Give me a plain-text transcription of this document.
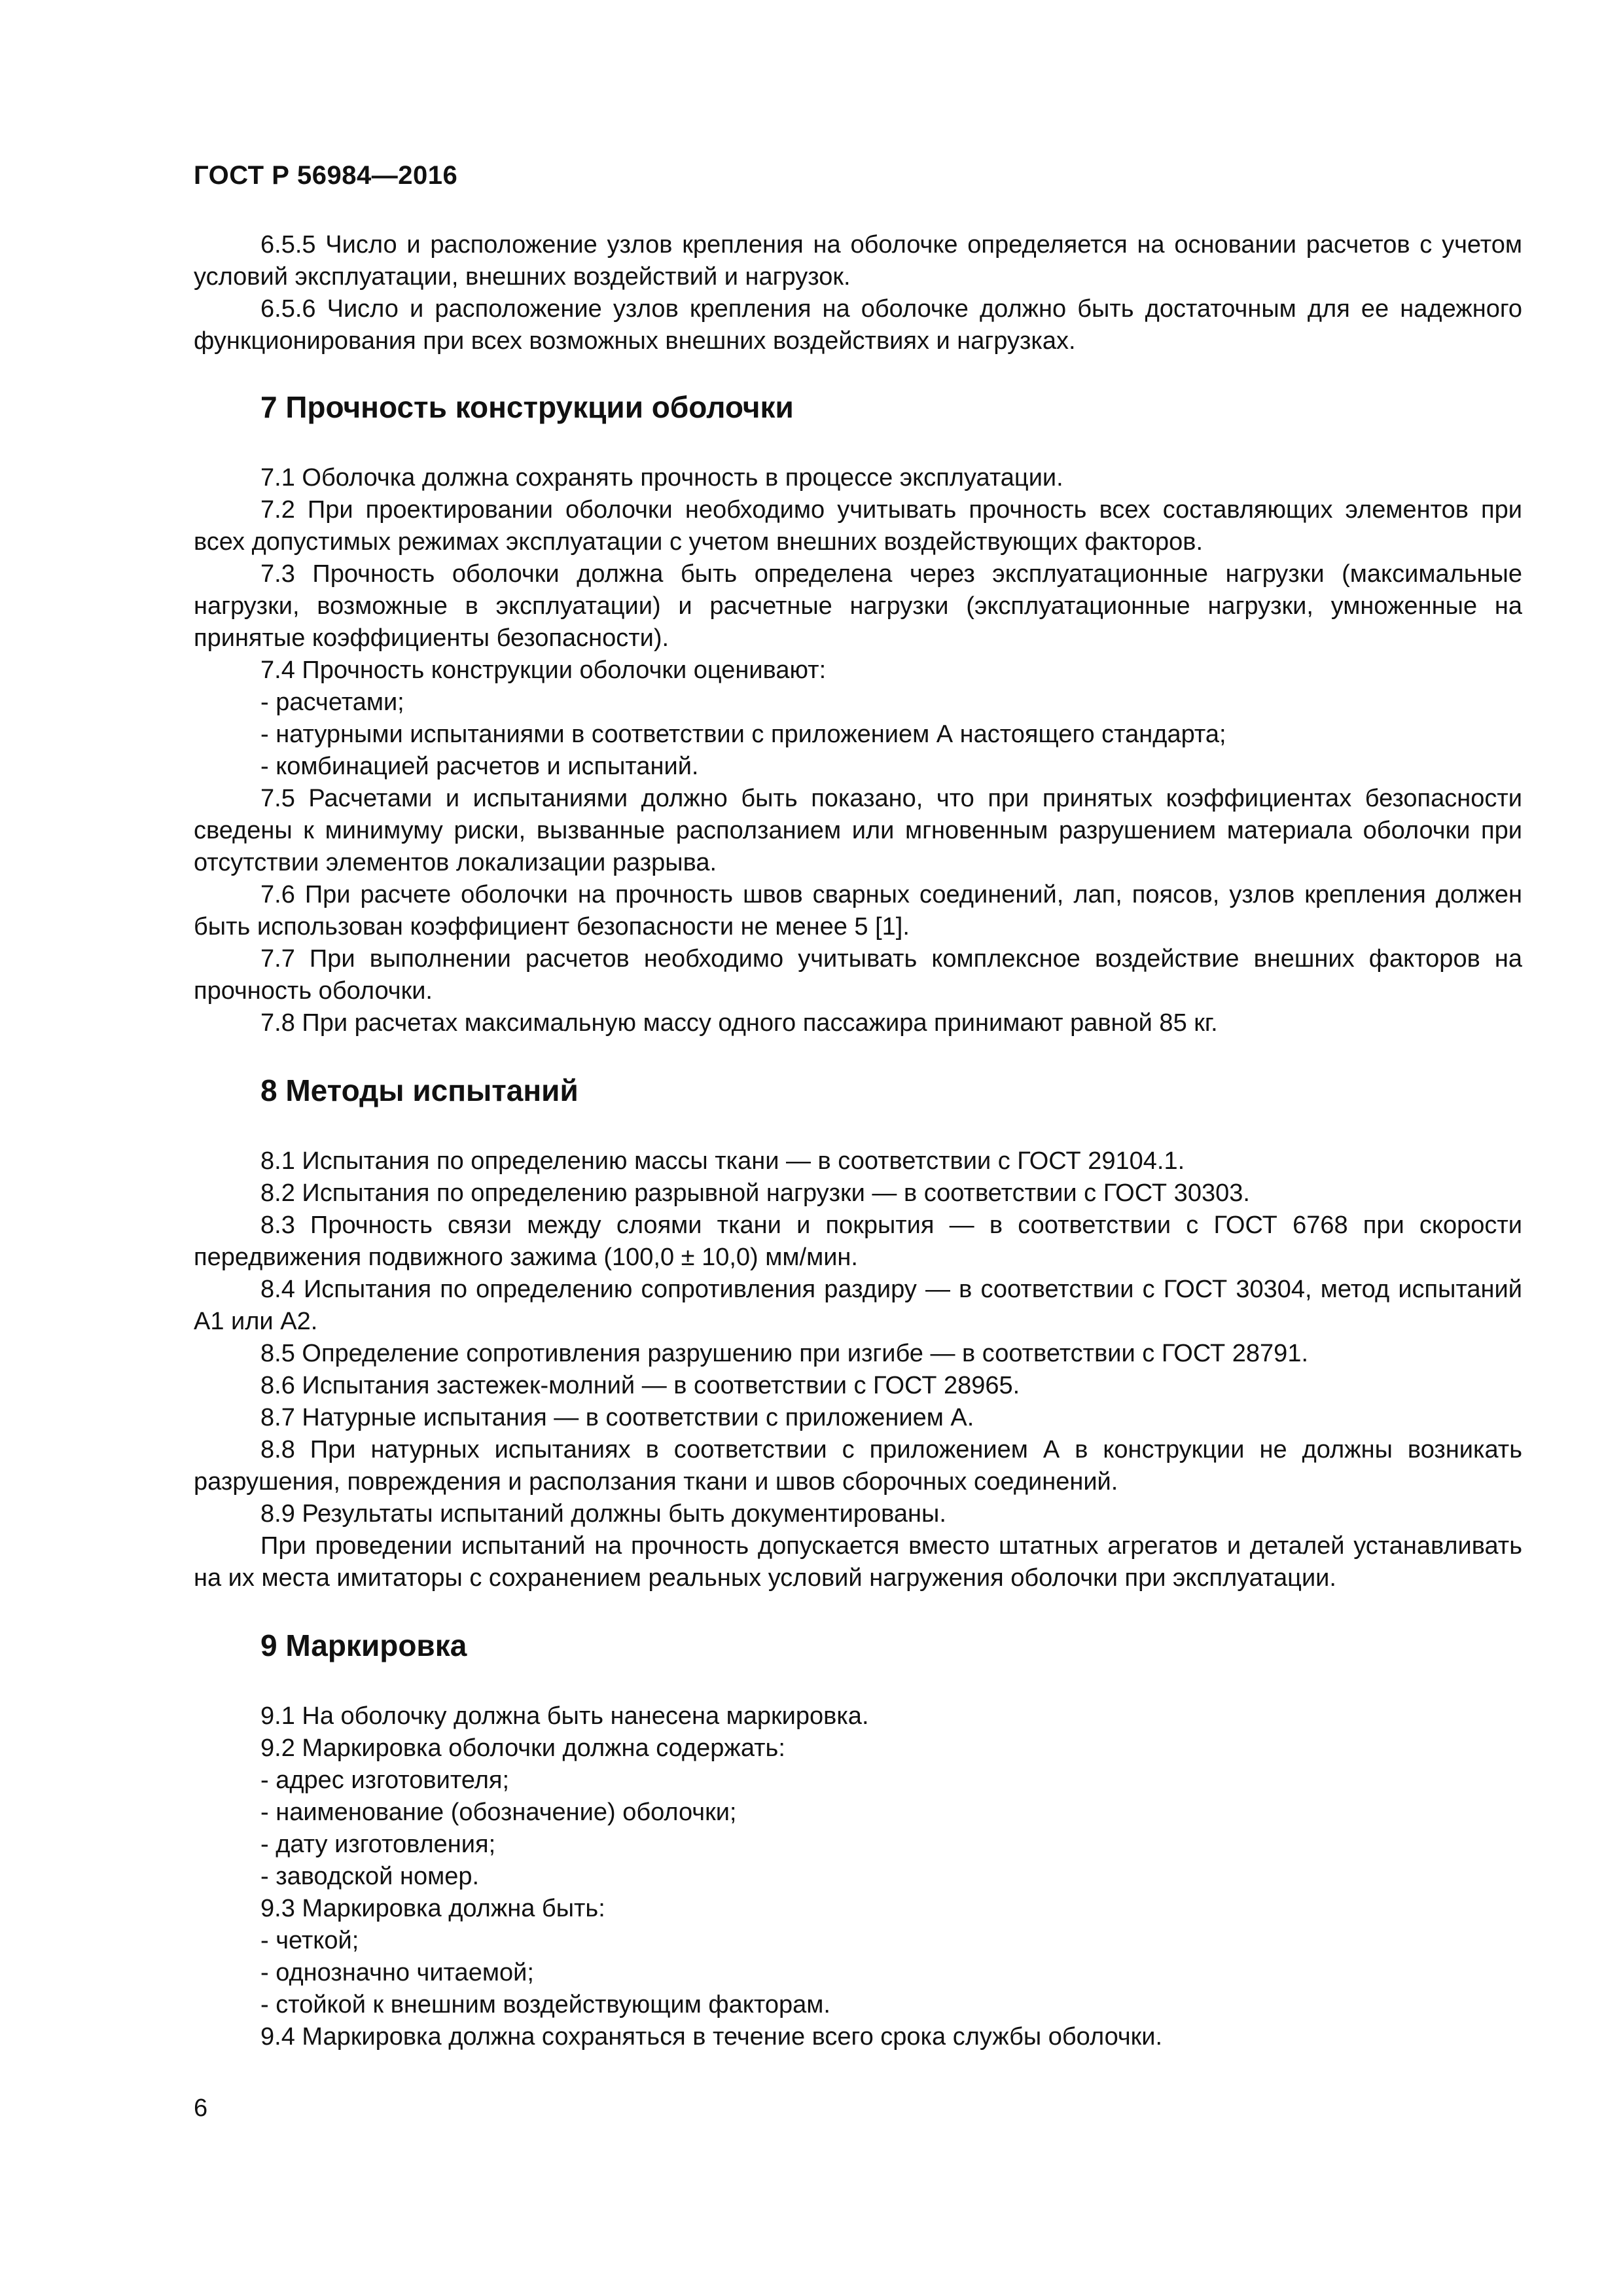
ГОСТ Р 56984—2016

6.5.5 Число и расположение узлов крепления на оболочке определяется на основании расчетов с учетом условий эксплуатации, внешних воздействий и нагрузок.

6.5.6 Число и расположение узлов крепления на оболочке должно быть достаточным для ее надежного функционирования при всех возможных внешних воздействиях и нагрузках.

7 Прочность конструкции оболочки

7.1 Оболочка должна сохранять прочность в процессе эксплуатации.

7.2 При проектировании оболочки необходимо учитывать прочность всех составляющих элементов при всех допустимых режимах эксплуатации с учетом внешних воздействующих факторов.

7.3 Прочность оболочки должна быть определена через эксплуатационные нагрузки (максимальные нагрузки, возможные в эксплуатации) и расчетные нагрузки (эксплуатационные нагрузки, умноженные на принятые коэффициенты безопасности).

7.4 Прочность конструкции оболочки оценивают:

- расчетами;

- натурными испытаниями в соответствии с приложением А настоящего стандарта;

- комбинацией расчетов и испытаний.

7.5 Расчетами и испытаниями должно быть показано, что при принятых коэффициентах безопасности сведены к минимуму риски, вызванные расползанием или мгновенным разрушением материала оболочки при отсутствии элементов локализации разрыва.

7.6 При расчете оболочки на прочность швов сварных соединений, лап, поясов, узлов крепления должен быть использован коэффициент безопасности не менее 5 [1].

7.7 При выполнении расчетов необходимо учитывать комплексное воздействие внешних факторов на прочность оболочки.

7.8 При расчетах максимальную массу одного пассажира принимают равной 85 кг.

8 Методы испытаний

8.1 Испытания по определению массы ткани — в соответствии с ГОСТ 29104.1.

8.2 Испытания по определению разрывной нагрузки — в соответствии с ГОСТ 30303.

8.3 Прочность связи между слоями ткани и покрытия — в соответствии с ГОСТ 6768 при скорости передвижения подвижного зажима (100,0 ± 10,0) мм/мин.

8.4 Испытания по определению сопротивления раздиру — в соответствии с ГОСТ 30304, метод испытаний А1 или А2.

8.5 Определение сопротивления разрушению при изгибе — в соответствии с ГОСТ 28791.

8.6 Испытания застежек-молний — в соответствии с ГОСТ 28965.

8.7 Натурные испытания — в соответствии с приложением А.

8.8 При натурных испытаниях в соответствии с приложением А в конструкции не должны возникать разрушения, повреждения и расползания ткани и швов сборочных соединений.

8.9 Результаты испытаний должны быть документированы.

При проведении испытаний на прочность допускается вместо штатных агрегатов и деталей устанавливать на их места имитаторы с сохранением реальных условий нагружения оболочки при эксплуатации.

9 Маркировка

9.1 На оболочку должна быть нанесена маркировка.

9.2 Маркировка оболочки должна содержать:

- адрес изготовителя;

- наименование (обозначение) оболочки;

- дату изготовления;

- заводской номер.

9.3 Маркировка должна быть:

- четкой;

- однозначно читаемой;

- стойкой к внешним воздействующим факторам.

9.4 Маркировка должна сохраняться в течение всего срока службы оболочки.

6
